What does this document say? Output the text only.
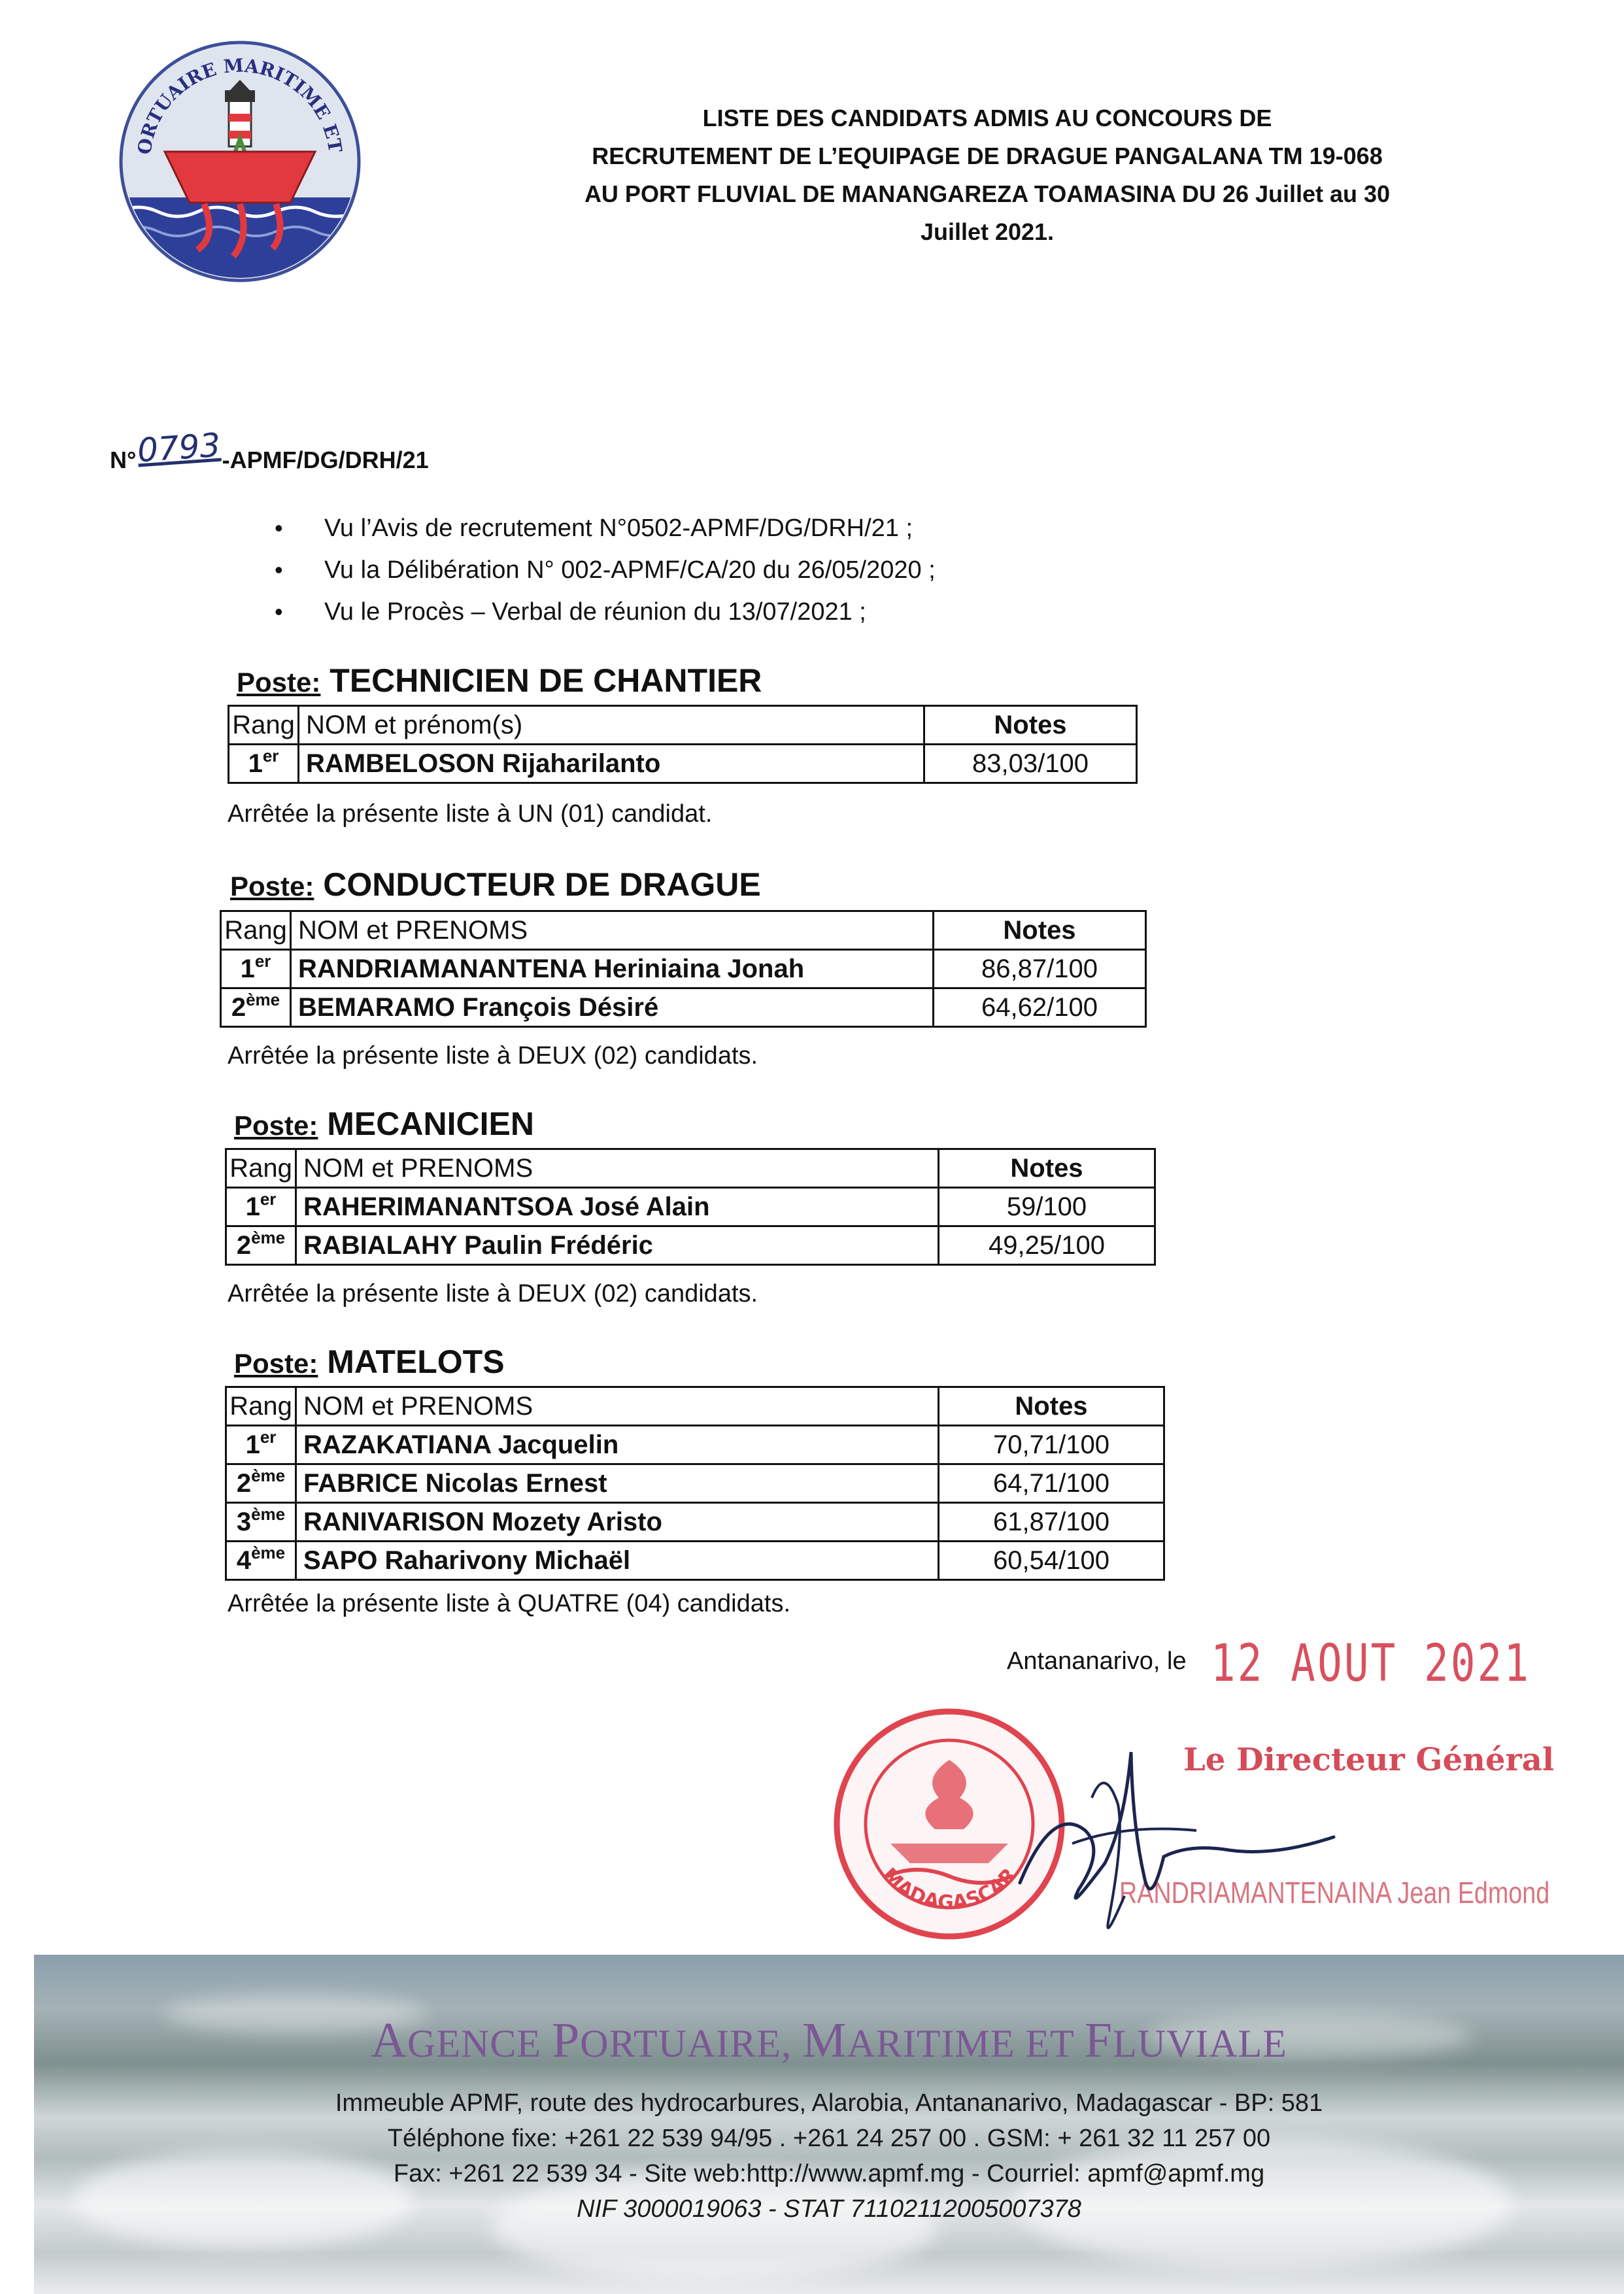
ORTUAIRE MARITIME ET
LISTE DES CANDIDATS ADMIS AU CONCOURS DE
RECRUTEMENT DE L’EQUIPAGE DE DRAGUE PANGALANA TM 19-068
AU PORT FLUVIAL DE MANANGAREZA TOAMASINA DU 26 Juillet au 30
Juillet 2021.
N°0793-APMF/DG/DRH/21
• Vu l’Avis de recrutement N°0502-APMF/DG/DRH/21 ;
• Vu la Délibération N° 002-APMF/CA/20 du 26/05/2020 ;
• Vu le Procès – Verbal de réunion du 13/07/2021 ;
Poste: TECHNICIEN DE CHANTIER
Rang	NOM et prénom(s)	Notes
1er	RAMBELOSON Rijaharilanto	83,03/100
Arrêtée la présente liste à UN (01) candidat.
Poste: CONDUCTEUR DE DRAGUE
Rang	NOM et PRENOMS	Notes
1er	RANDRIAMANANTENA Heriniaina Jonah	86,87/100
2ème	BEMARAMO François Désiré	64,62/100
Arrêtée la présente liste à DEUX (02) candidats.
Poste: MECANICIEN
Rang	NOM et PRENOMS	Notes
1er	RAHERIMANANTSOA José Alain	59/100
2ème	RABIALAHY Paulin Frédéric	49,25/100
Arrêtée la présente liste à DEUX (02) candidats.
Poste: MATELOTS
Rang	NOM et PRENOMS	Notes
1er	RAZAKATIANA Jacquelin	70,71/100
2ème	FABRICE Nicolas Ernest	64,71/100
3ème	RANIVARISON Mozety Aristo	61,87/100
4ème	SAPO Raharivony Michaël	60,54/100
Arrêtée la présente liste à QUATRE (04) candidats.
Antananarivo, le 12 AOUT 2021
MADAGASCAR
Le Directeur Général
RANDRIAMANTENAINA Jean Edmond
AGENCE PORTUAIRE, MARITIME ET FLUVIALE
Immeuble APMF, route des hydrocarbures, Alarobia, Antananarivo, Madagascar - BP: 581
Téléphone fixe: +261 22 539 94/95 . +261 24 257 00 . GSM: + 261 32 11 257 00
Fax: +261 22 539 34 - Site web:http://www.apmf.mg - Courriel: apmf@apmf.mg
NIF 3000019063 - STAT 71102112005007378
